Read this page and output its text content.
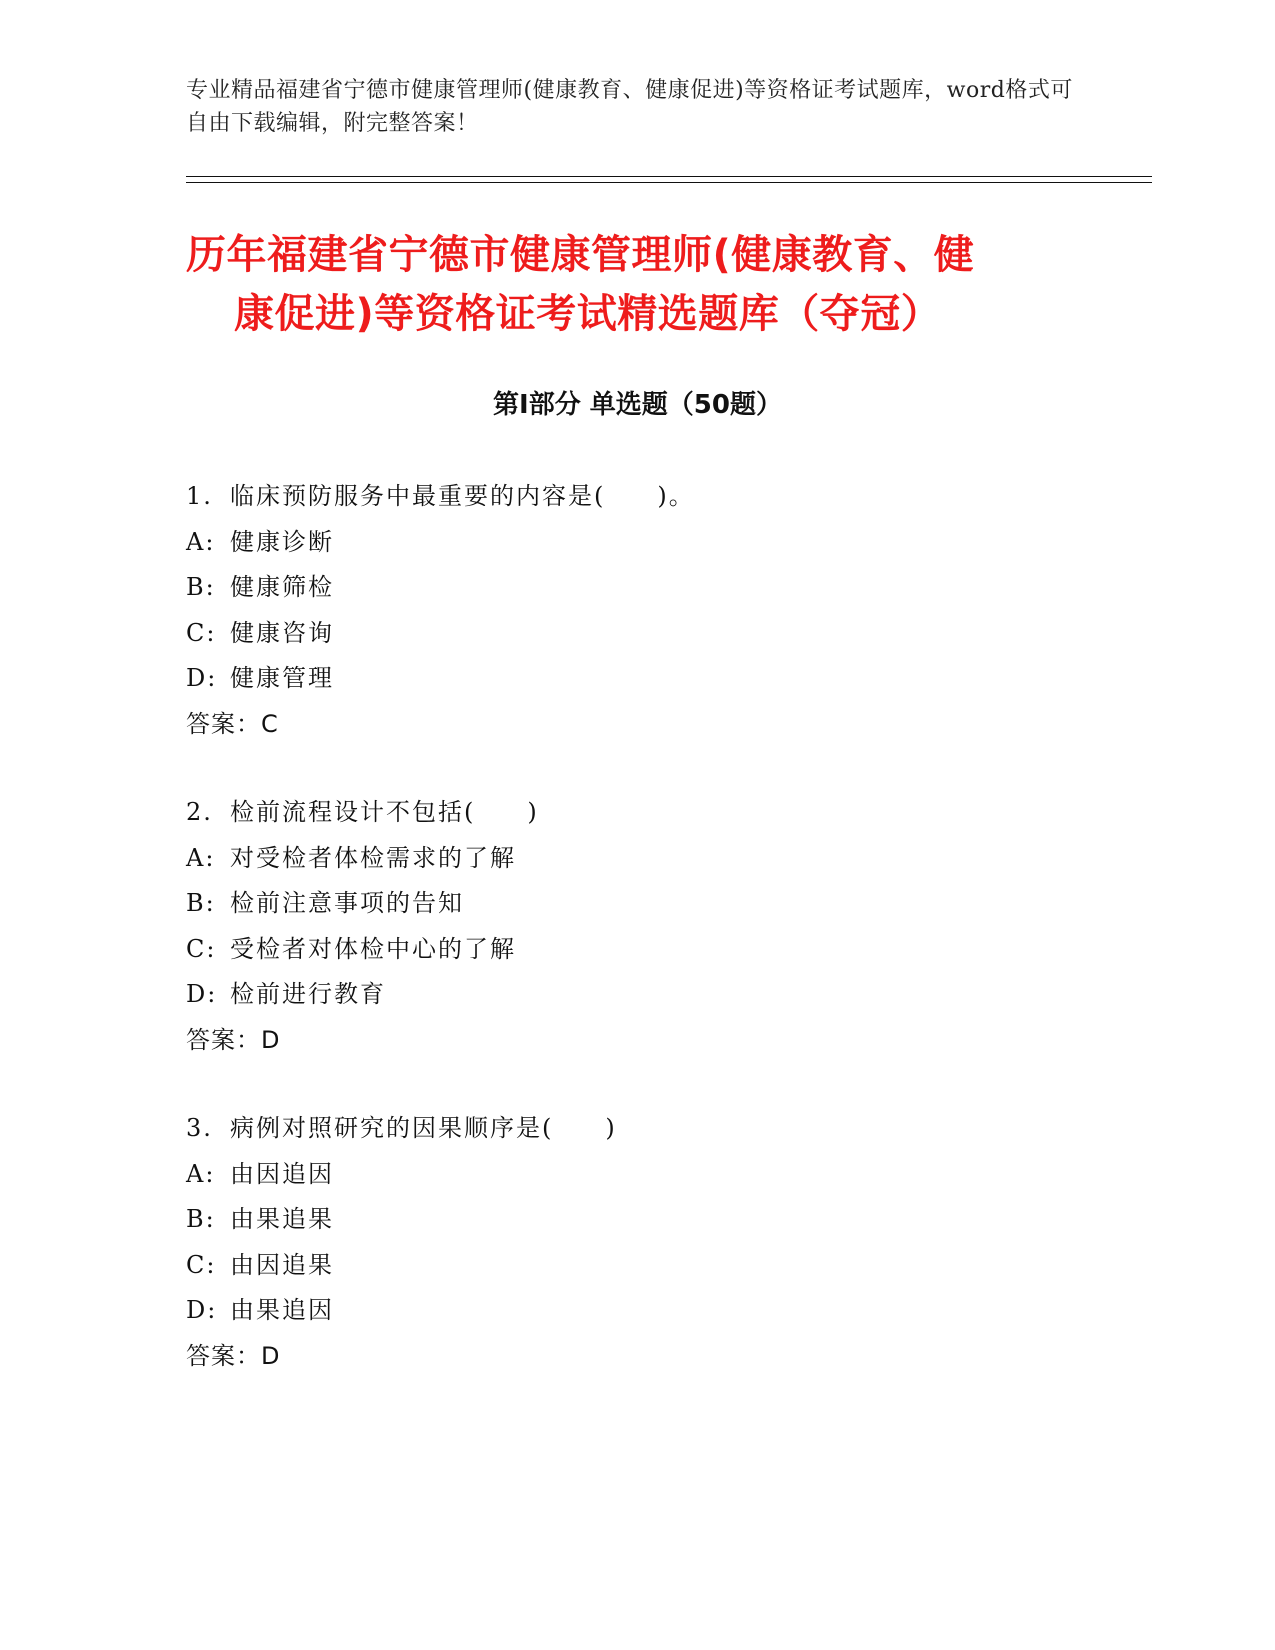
专业精品福建省宁德市健康管理师(健康教育、健康促进)等资格证考试题库，word格式可自由下载编辑，附完整答案！
历年福建省宁德市健康管理师(健康教育、健
康促进)等资格证考试精选题库（夺冠）
第Ⅰ部分 单选题（50题）
1. 临床预防服务中最重要的内容是(　　)。
A: 健康诊断
B: 健康筛检
C: 健康咨询
D: 健康管理
答案：C
2. 检前流程设计不包括(　　)
A: 对受检者体检需求的了解
B: 检前注意事项的告知
C: 受检者对体检中心的了解
D: 检前进行教育
答案：D
3. 病例对照研究的因果顺序是(　　)
A: 由因追因
B: 由果追果
C: 由因追果
D: 由果追因
答案：D
